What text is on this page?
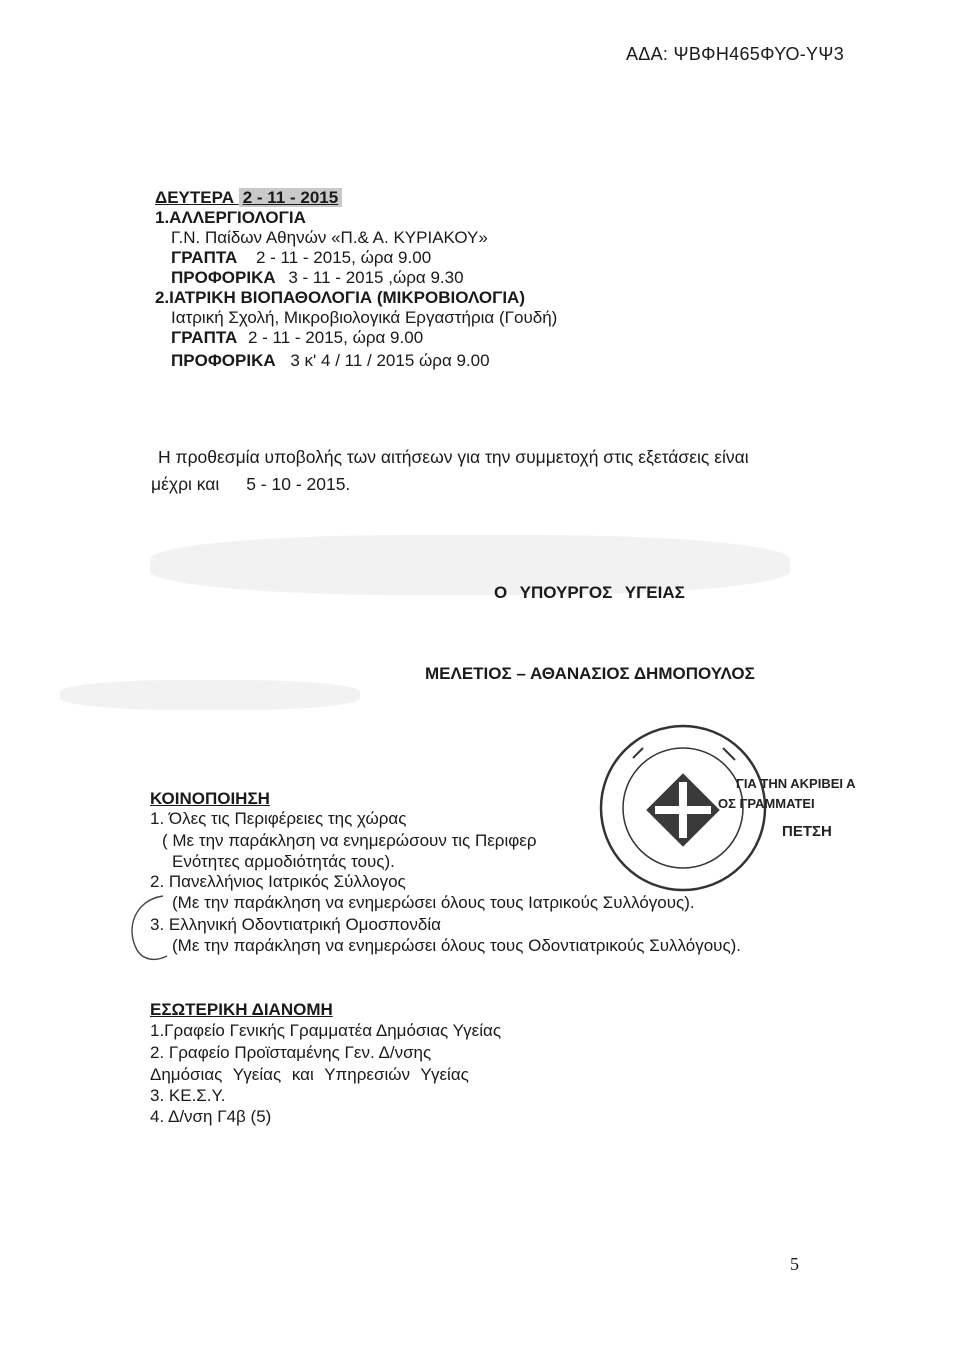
ΑΔΑ: ΨΒΦΗ465ΦΥΟ-ΥΨ3
ΔΕΥΤΕΡΑ 2 - 11 - 2015
1.ΑΛΛΕΡΓΙΟΛΟΓΙΑ
Γ.Ν. Παίδων Αθηνών «Π.& Α. ΚΥΡΙΑΚΟΥ»
ΓΡΑΠΤΑ 2 - 11 - 2015, ώρα 9.00
ΠΡΟΦΟΡΙΚΑ 3 - 11 - 2015 ,ώρα 9.30
2.ΙΑΤΡΙΚΗ ΒΙΟΠΑΘΟΛΟΓΙΑ (ΜΙΚΡΟΒΙΟΛΟΓΙΑ)
Ιατρική Σχολή, Μικροβιολογικά Εργαστήρια (Γουδή)
ΓΡΑΠΤΑ 2 - 11 - 2015, ώρα 9.00
ΠΡΟΦΟΡΙΚΑ 3 κ' 4 / 11 / 2015 ώρα 9.00
Η προθεσμία υποβολής των αιτήσεων για την συμμετοχή στις εξετάσεις είναι
μέχρι και 5 - 10 - 2015.
Ο ΥΠΟΥΡΓΟΣ ΥΓΕΙΑΣ
ΜΕΛΕΤΙΟΣ – ΑΘΑΝΑΣΙΟΣ ΔΗΜΟΠΟΥΛΟΣ
ΓΙΑ ΤΗΝ ΑΚΡΙΒΕΙ Α
ΟΣ ΓΡΑΜΜΑΤΕΙ
ΠΕΤΣΗ
ΚΟΙΝΟΠΟΙΗΣΗ
1. Όλες τις Περιφέρειες της χώρας
( Με την παράκληση να ενημερώσουν τις Περιφερ
Ενότητες αρμοδιότητάς τους).
2. Πανελλήνιος Ιατρικός Σύλλογος
(Με την παράκληση να ενημερώσει όλους τους Ιατρικούς Συλλόγους).
3. Ελληνική Οδοντιατρική Ομοσπονδία
(Με την παράκληση να ενημερώσει όλους τους Οδοντιατρικούς Συλλόγους).
ΕΣΩΤΕΡΙΚΗ ΔΙΑΝΟΜΗ
1.Γραφείο Γενικής Γραμματέα Δημόσιας Υγείας
2. Γραφείο Προϊσταμένης Γεν. Δ/νσης
Δημόσιας Υγείας και Υπηρεσιών Υγείας
3. ΚΕ.Σ.Υ.
4. Δ/νση Γ4β (5)
5
